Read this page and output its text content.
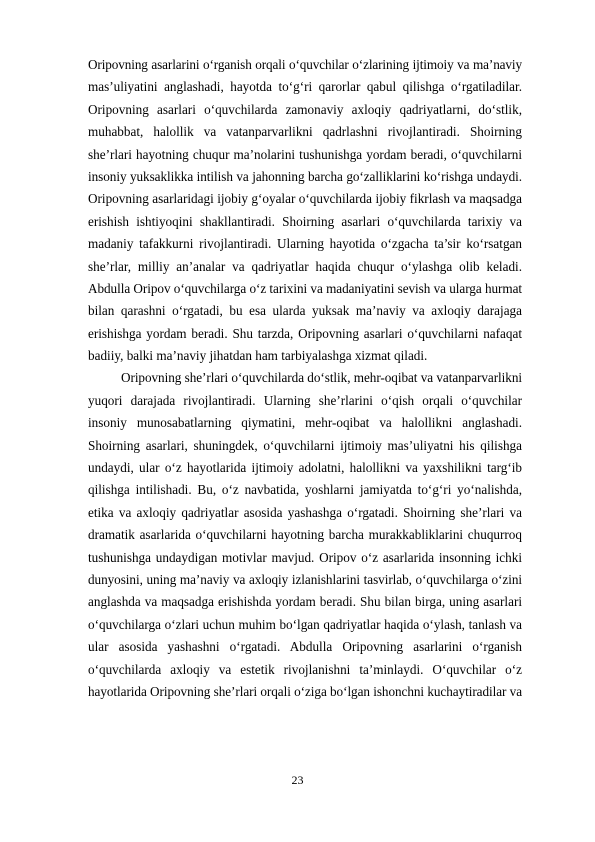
Oripovning asarlarini o‘rganish orqali o‘quvchilar o‘zlarining ijtimoiy va ma’naviy
mas’uliyatini anglashadi, hayotda to‘g‘ri qarorlar qabul qilishga o‘rgatiladilar.
Oripovning asarlari o‘quvchilarda zamonaviy axloqiy qadriyatlarni, do‘stlik,
muhabbat, halollik va vatanparvarlikni qadrlashni rivojlantiradi. Shoirning
she’rlari hayotning chuqur ma’nolarini tushunishga yordam beradi, o‘quvchilarni
insoniy yuksaklikka intilish va jahonning barcha go‘zalliklarini ko‘rishga undaydi.
Oripovning asarlaridagi ijobiy g‘oyalar o‘quvchilarda ijobiy fikrlash va maqsadga
erishish ishtiyoqini shakllantiradi. Shoirning asarlari o‘quvchilarda tarixiy va
madaniy tafakkurni rivojlantiradi. Ularning hayotida o‘zgacha ta’sir ko‘rsatgan
she’rlar, milliy an’analar va qadriyatlar haqida chuqur o‘ylashga olib keladi.
Abdulla Oripov o‘quvchilarga o‘z tarixini va madaniyatini sevish va ularga hurmat
bilan qarashni o‘rgatadi, bu esa ularda yuksak ma’naviy va axloqiy darajaga
erishishga yordam beradi. Shu tarzda, Oripovning asarlari o‘quvchilarni nafaqat
badiiy, balki ma’naviy jihatdan ham tarbiyalashga xizmat qiladi.
Oripovning she’rlari o‘quvchilarda do‘stlik, mehr-oqibat va vatanparvarlikni
yuqori darajada rivojlantiradi. Ularning she’rlarini o‘qish orqali o‘quvchilar
insoniy munosabatlarning qiymatini, mehr-oqibat va halollikni anglashadi.
Shoirning asarlari, shuningdek, o‘quvchilarni ijtimoiy mas’uliyatni his qilishga
undaydi, ular o‘z hayotlarida ijtimoiy adolatni, halollikni va yaxshilikni targ‘ib
qilishga intilishadi. Bu, o‘z navbatida, yoshlarni jamiyatda to‘g‘ri yo‘nalishda,
etika va axloqiy qadriyatlar asosida yashashga o‘rgatadi. Shoirning she’rlari va
dramatik asarlarida o‘quvchilarni hayotning barcha murakkabliklarini chuqurroq
tushunishga undaydigan motivlar mavjud. Oripov o‘z asarlarida insonning ichki
dunyosini, uning ma’naviy va axloqiy izlanishlarini tasvirlab, o‘quvchilarga o‘zini
anglashda va maqsadga erishishda yordam beradi. Shu bilan birga, uning asarlari
o‘quvchilarga o‘zlari uchun muhim bo‘lgan qadriyatlar haqida o‘ylash, tanlash va
ular asosida yashashni o‘rgatadi. Abdulla Oripovning asarlarini o‘rganish
o‘quvchilarda axloqiy va estetik rivojlanishni ta’minlaydi. O‘quvchilar o‘z
hayotlarida Oripovning she’rlari orqali o‘ziga bo‘lgan ishonchni kuchaytiradilar va
23
